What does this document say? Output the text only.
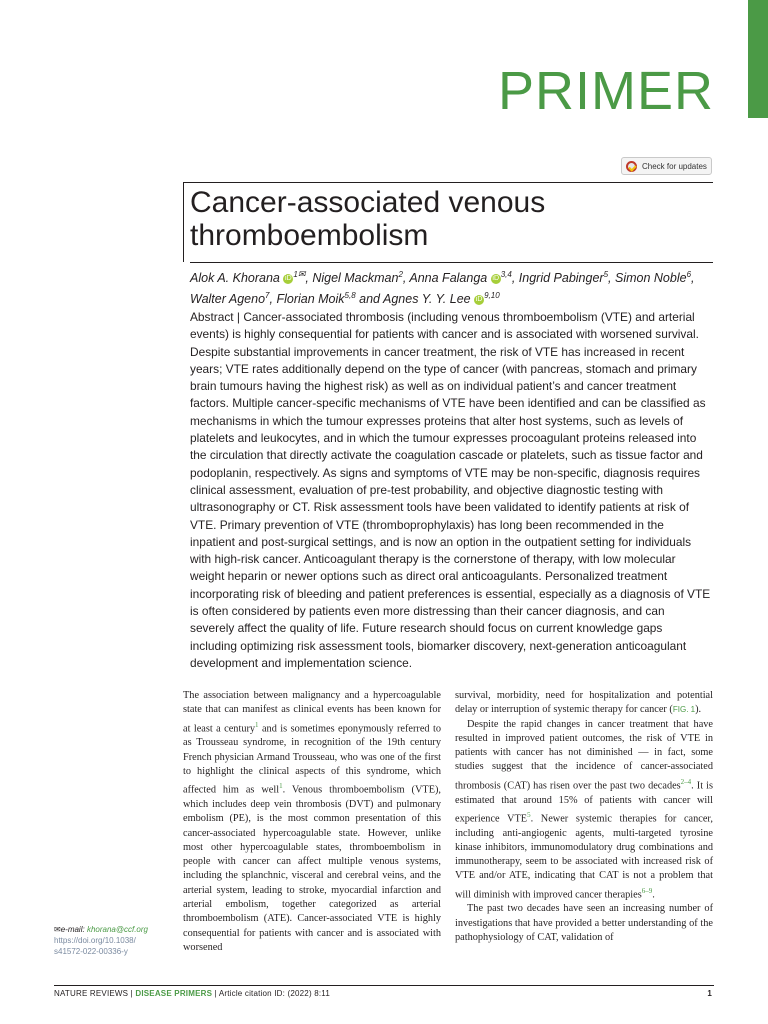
PRIMER
Check for updates
Cancer-associated venous thromboembolism
Alok A. Khorana iD $^{1✉}$, Nigel Mackman$^2$, Anna Falanga iD $^{3,4}$, Ingrid Pabinger$^5$, Simon Noble$^6$, Walter Ageno$^7$, Florian Moik$^{5,8}$ and Agnes Y. Y. Lee iD $^{9,10}$
Abstract | Cancer-associated thrombosis (including venous thromboembolism (VTE) and arterial events) is highly consequential for patients with cancer and is associated with worsened survival. Despite substantial improvements in cancer treatment, the risk of VTE has increased in recent years; VTE rates additionally depend on the type of cancer (with pancreas, stomach and primary brain tumours having the highest risk) as well as on individual patient’s and cancer treatment factors. Multiple cancer-specific mechanisms of VTE have been identified and can be classified as mechanisms in which the tumour expresses proteins that alter host systems, such as levels of platelets and leukocytes, and in which the tumour expresses procoagulant proteins released into the circulation that directly activate the coagulation cascade or platelets, such as tissue factor and podoplanin, respectively. As signs and symptoms of VTE may be non-specific, diagnosis requires clinical assessment, evaluation of pre-test probability, and objective diagnostic testing with ultrasonography or CT. Risk assessment tools have been validated to identify patients at risk of VTE. Primary prevention of VTE (thromboprophylaxis) has long been recommended in the inpatient and post-surgical settings, and is now an option in the outpatient setting for individuals with high-risk cancer. Anticoagulant therapy is the cornerstone of therapy, with low molecular weight heparin or newer options such as direct oral anticoagulants. Personalized treatment incorporating risk of bleeding and patient preferences is essential, especially as a diagnosis of VTE is often considered by patients even more distressing than their cancer diagnosis, and can severely affect the quality of life. Future research should focus on current knowledge gaps including optimizing risk assessment tools, biomarker discovery, next-generation anticoagulant development and implementation science.

The association between malignancy and a hypercoagulable state that can manifest as clinical events has been known for at least a century$^1$ and is sometimes eponymously referred to as Trousseau syndrome, in recognition of the 19th century French physician Armand Trousseau, who was one of the first to highlight the clinical aspects of this syndrome, which affected him as well$^1$. Venous thromboembolism (VTE), which includes deep vein thrombosis (DVT) and pulmonary embolism (PE), is the most common presentation of this cancer-associated hypercoagulable state. However, unlike most other hypercoagulable states, thromboembolism in people with cancer can affect multiple venous systems, including the splanchnic, visceral and cerebral veins, and the arterial system, leading to stroke, myocardial infarction and arterial embolism, together categorized as arterial thromboembolism (ATE). Cancer-associated VTE is highly consequential for patients with cancer and is associated with worsened

survival, morbidity, need for hospitalization and potential delay or interruption of systemic therapy for cancer (FIG. 1).

Despite the rapid changes in cancer treatment that have resulted in improved patient outcomes, the risk of VTE in patients with cancer has not diminished — in fact, some studies suggest that the incidence of cancer-associated thrombosis (CAT) has risen over the past two decades$^{2-4}$. It is estimated that around 15% of patients with cancer will experience VTE$^5$. Newer systemic therapies for cancer, including anti-angiogenic agents, multi-targeted tyrosine kinase inhibitors, immunomodulatory drug combinations and immunotherapy, seem to be associated with increased risk of VTE and/or ATE, indicating that CAT is not a problem that will diminish with improved cancer therapies$^{6-9}$.

The past two decades have seen an increasing number of investigations that have provided a better understanding of the pathophysiology of CAT, validation of

✉e-mail: khorana@ccf.org
https://doi.org/10.1038/
s41572-022-00336-y
NATURE REVIEWS | DISEASE PRIMERS | Article citation ID: (2022) 8:11	1
